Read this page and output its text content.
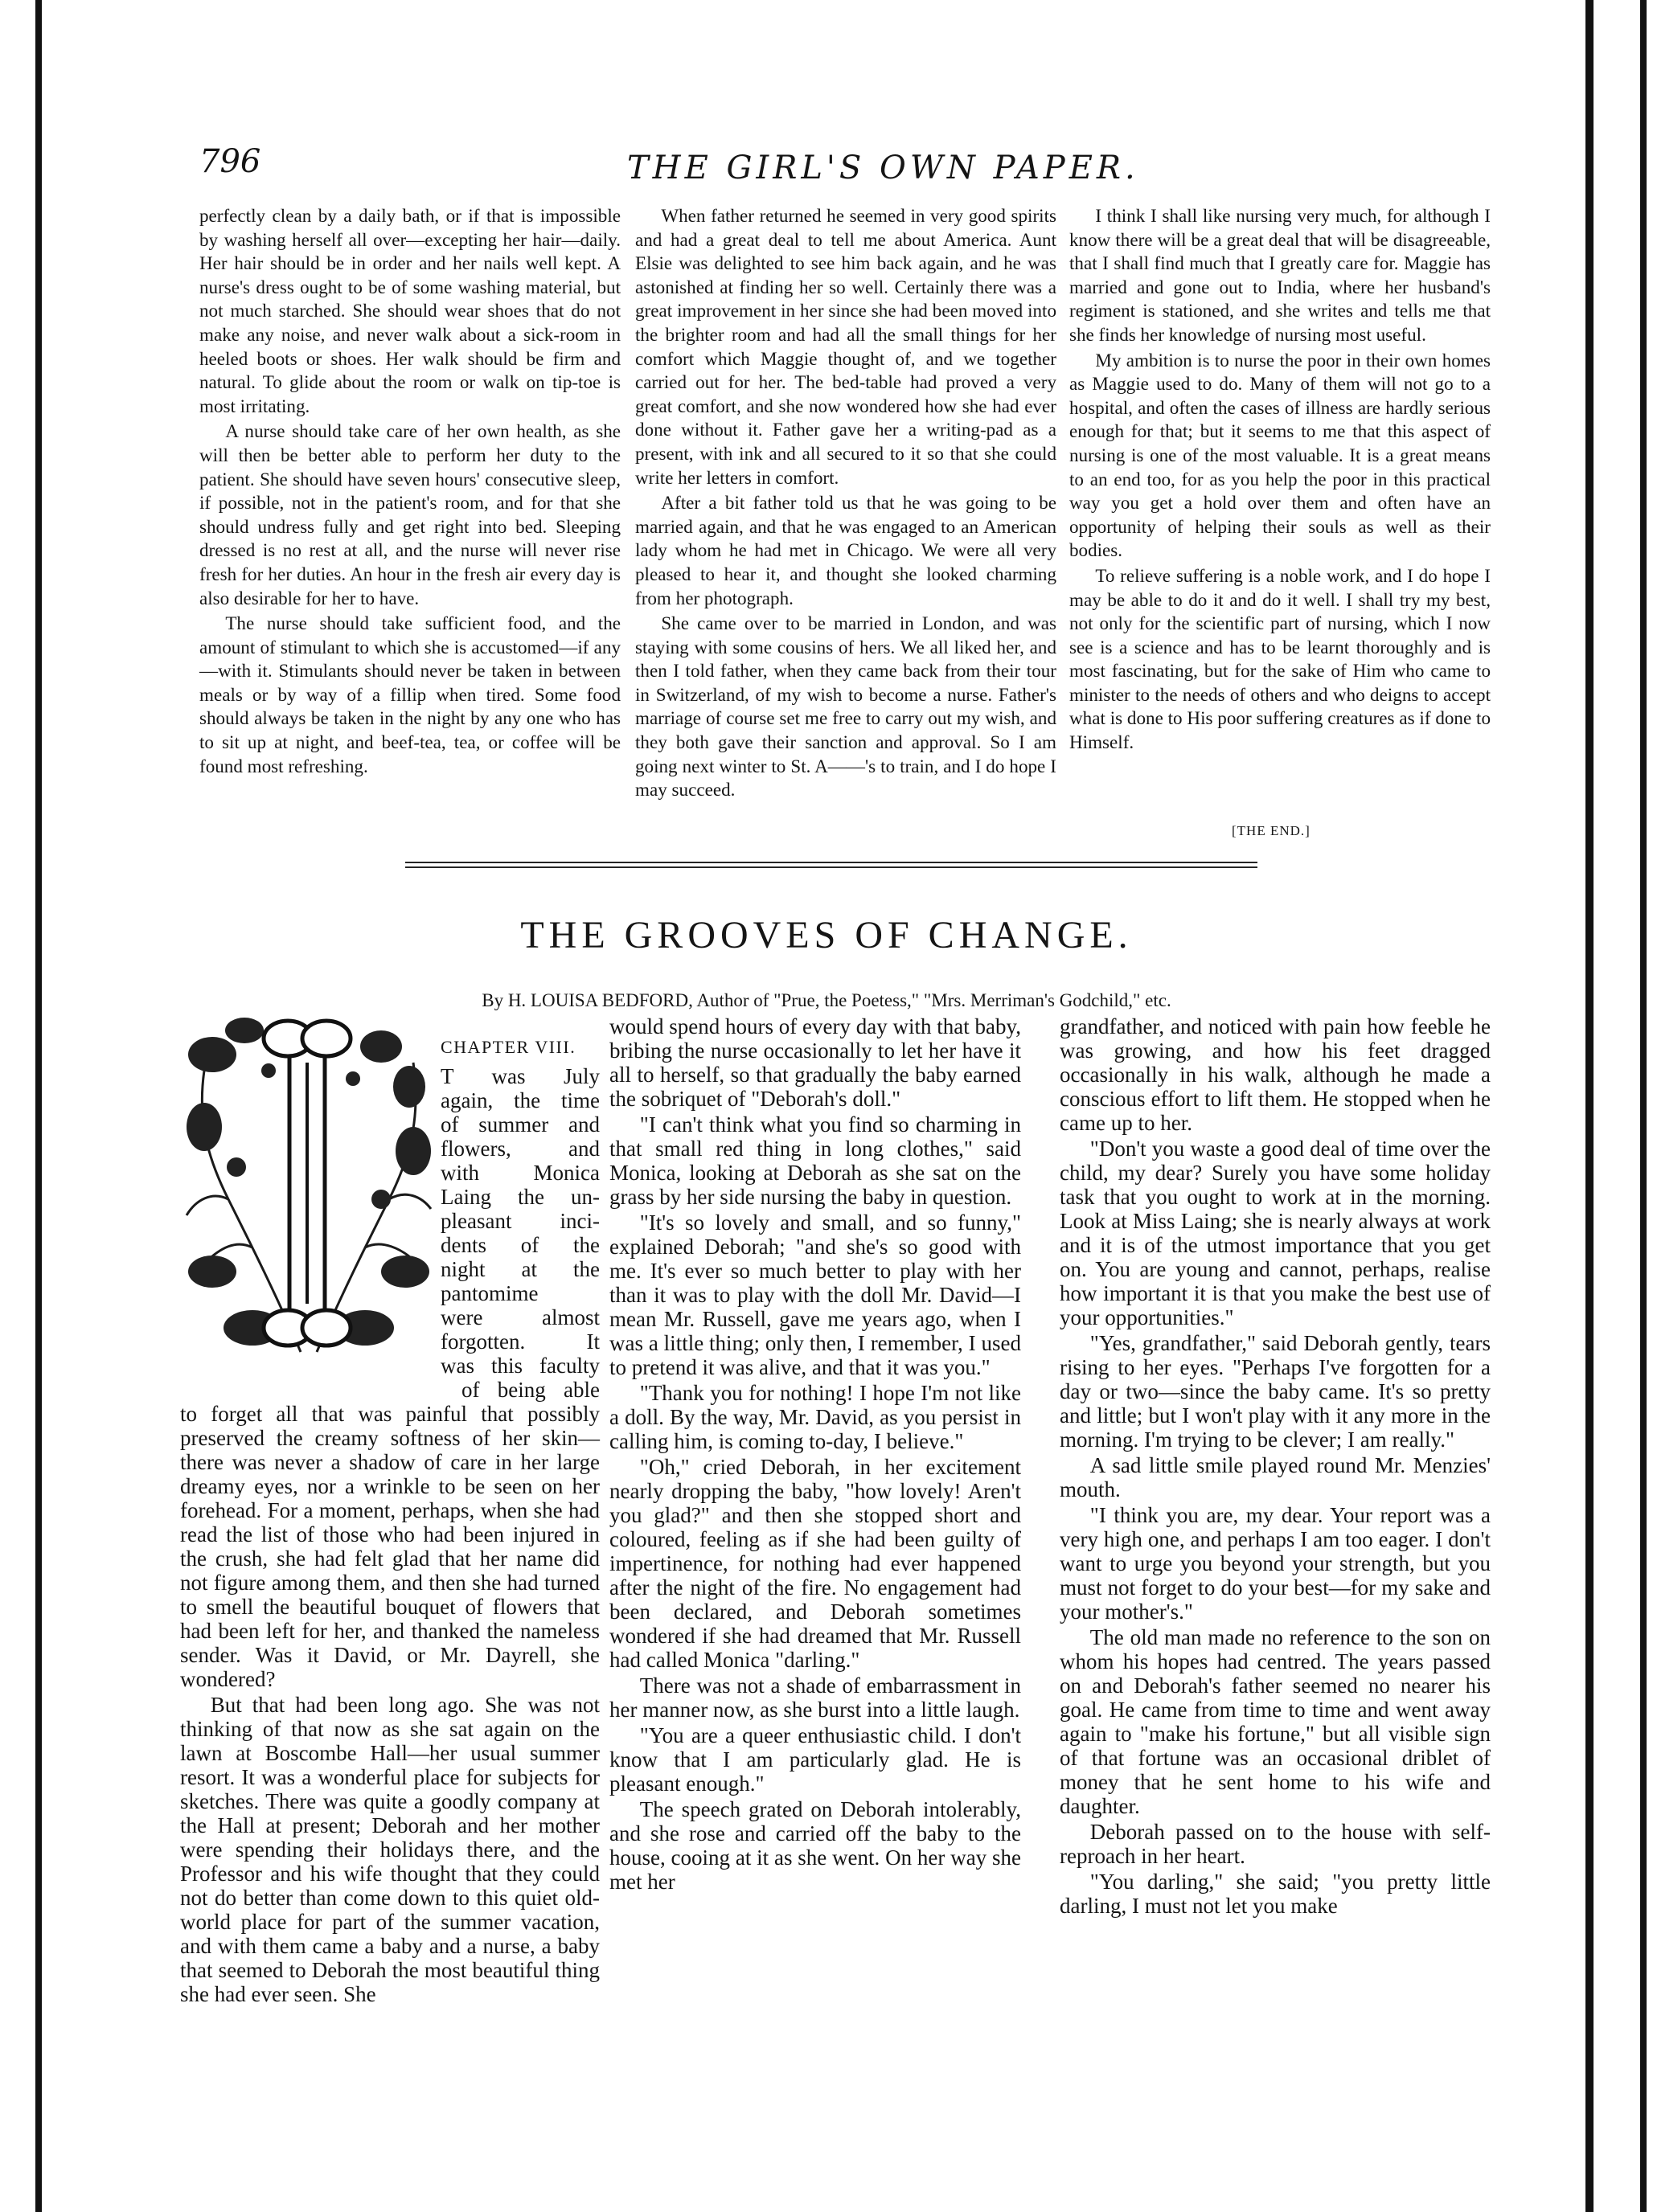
796	THE GIRL'S OWN PAPER.

perfectly clean by a daily bath, or if that is impossible by washing herself all over—excepting her hair—daily. Her hair should be in order and her nails well kept. A nurse's dress ought to be of some washing material, but not much starched. She should wear shoes that do not make any noise, and never walk about a sick-room in heeled boots or shoes. Her walk should be firm and natural. To glide about the room or walk on tip-toe is most irritating.

A nurse should take care of her own health, as she will then be better able to perform her duty to the patient. She should have seven hours' consecutive sleep, if possible, not in the patient's room, and for that she should undress fully and get right into bed. Sleeping dressed is no rest at all, and the nurse will never rise fresh for her duties. An hour in the fresh air every day is also desirable for her to have.

The nurse should take sufficient food, and the amount of stimulant to which she is accustomed—if any—with it. Stimulants should never be taken in between meals or by way of a fillip when tired. Some food should always be taken in the night by any one who has to sit up at night, and beef-tea, tea, or coffee will be found most refreshing.

When father returned he seemed in very good spirits and had a great deal to tell me about America. Aunt Elsie was delighted to see him back again, and he was astonished at finding her so well. Certainly there was a great improvement in her since she had been moved into the brighter room and had all the small things for her comfort which Maggie thought of, and we together carried out for her. The bed-table had proved a very great comfort, and she now wondered how she had ever done without it. Father gave her a writing-pad as a present, with ink and all secured to it so that she could write her letters in comfort.

After a bit father told us that he was going to be married again, and that he was engaged to an American lady whom he had met in Chicago. We were all very pleased to hear it, and thought she looked charming from her photograph.

She came over to be married in London, and was staying with some cousins of hers. We all liked her, and then I told father, when they came back from their tour in Switzerland, of my wish to become a nurse. Father's marriage of course set me free to carry out my wish, and they both gave their sanction and approval. So I am going next winter to St. A——'s to train, and I do hope I may succeed.

I think I shall like nursing very much, for although I know there will be a great deal that will be disagreeable, that I shall find much that I greatly care for. Maggie has married and gone out to India, where her husband's regiment is stationed, and she writes and tells me that she finds her knowledge of nursing most useful.

My ambition is to nurse the poor in their own homes as Maggie used to do. Many of them will not go to a hospital, and often the cases of illness are hardly serious enough for that; but it seems to me that this aspect of nursing is one of the most valuable. It is a great means to an end too, for as you help the poor in this practical way you get a hold over them and often have an opportunity of helping their souls as well as their bodies.

To relieve suffering is a noble work, and I do hope I may be able to do it and do it well. I shall try my best, not only for the scientific part of nursing, which I now see is a science and has to be learnt thoroughly and is most fascinating, but for the sake of Him who came to minister to the needs of others and who deigns to accept what is done to His poor suffering creatures as if done to Himself.

[THE END.]
THE GROOVES OF CHANGE.
By H. LOUISA BEDFORD, Author of "Prue, the Poetess," "Mrs. Merriman's Godchild," etc.
CHAPTER VIII.
T was July
again, the time
of summer and
flowers, and
with Monica
Laing the un-
pleasant inci-
dents of the
night at the
pantomime
were almost
forgotten. It
was this faculty
of being able

to forget all that was painful that possibly preserved the creamy softness of her skin—there was never a shadow of care in her large dreamy eyes, nor a wrinkle to be seen on her forehead. For a moment, perhaps, when she had read the list of those who had been injured in the crush, she had felt glad that her name did not figure among them, and then she had turned to smell the beautiful bouquet of flowers that had been left for her, and thanked the nameless sender. Was it David, or Mr. Dayrell, she wondered?

But that had been long ago. She was not thinking of that now as she sat again on the lawn at Boscombe Hall—her usual summer resort. It was a wonderful place for subjects for sketches. There was quite a goodly company at the Hall at present; Deborah and her mother were spending their holidays there, and the Professor and his wife thought that they could not do better than come down to this quiet old-world place for part of the summer vacation, and with them came a baby and a nurse, a baby that seemed to Deborah the most beautiful thing she had ever seen. She

would spend hours of every day with that baby, bribing the nurse occasionally to let her have it all to herself, so that gradually the baby earned the sobriquet of "Deborah's doll."

"I can't think what you find so charming in that small red thing in long clothes," said Monica, looking at Deborah as she sat on the grass by her side nursing the baby in question.

"It's so lovely and small, and so funny," explained Deborah; "and she's so good with me. It's ever so much better to play with her than it was to play with the doll Mr. David—I mean Mr. Russell, gave me years ago, when I was a little thing; only then, I remember, I used to pretend it was alive, and that it was you."

"Thank you for nothing! I hope I'm not like a doll. By the way, Mr. David, as you persist in calling him, is coming to-day, I believe."

"Oh," cried Deborah, in her excitement nearly dropping the baby, "how lovely! Aren't you glad?" and then she stopped short and coloured, feeling as if she had been guilty of impertinence, for nothing had ever happened after the night of the fire. No engagement had been declared, and Deborah sometimes wondered if she had dreamed that Mr. Russell had called Monica "darling."

There was not a shade of embarrassment in her manner now, as she burst into a little laugh.

"You are a queer enthusiastic child. I don't know that I am particularly glad. He is pleasant enough."

The speech grated on Deborah intolerably, and she rose and carried off the baby to the house, cooing at it as she went. On her way she met her

grandfather, and noticed with pain how feeble he was growing, and how his feet dragged occasionally in his walk, although he made a conscious effort to lift them. He stopped when he came up to her.

"Don't you waste a good deal of time over the child, my dear? Surely you have some holiday task that you ought to work at in the morning. Look at Miss Laing; she is nearly always at work and it is of the utmost importance that you get on. You are young and cannot, perhaps, realise how important it is that you make the best use of your opportunities."

"Yes, grandfather," said Deborah gently, tears rising to her eyes. "Perhaps I've forgotten for a day or two—since the baby came. It's so pretty and little; but I won't play with it any more in the morning. I'm trying to be clever; I am really."

A sad little smile played round Mr. Menzies' mouth.

"I think you are, my dear. Your report was a very high one, and perhaps I am too eager. I don't want to urge you beyond your strength, but you must not forget to do your best—for my sake and your mother's."

The old man made no reference to the son on whom his hopes had centred. The years passed on and Deborah's father seemed no nearer his goal. He came from time to time and went away again to "make his fortune," but all visible sign of that fortune was an occasional driblet of money that he sent home to his wife and daughter.

Deborah passed on to the house with self-reproach in her heart.

"You darling," she said; "you pretty little darling, I must not let you make
